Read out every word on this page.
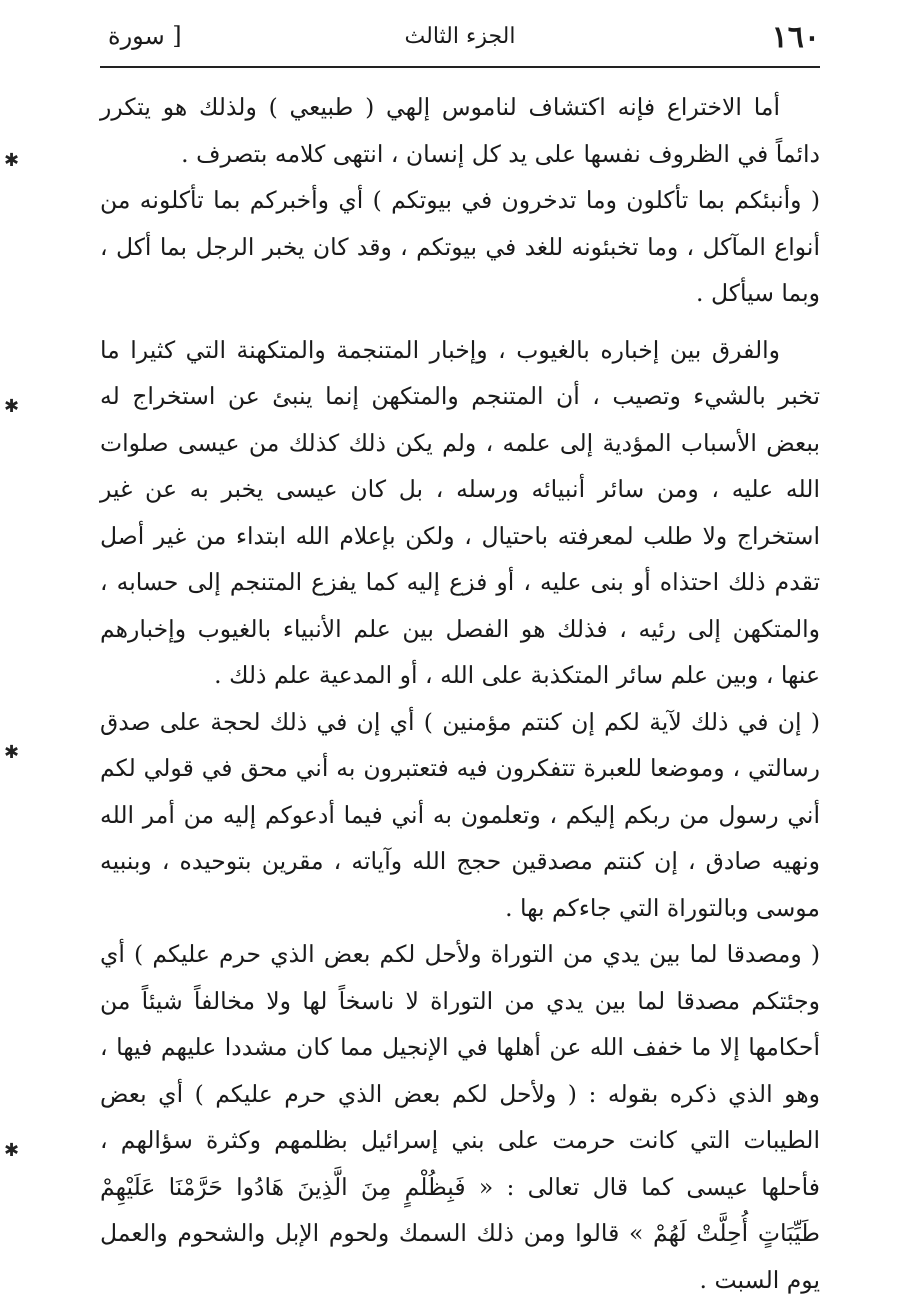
١٦٠
الجزء الثالث
[ سورة

أما الاختراع فإنه اكتشاف لناموس إلهي ( طبيعي ) ولذلك هو يتكرر دائماً في الظروف نفسها على يد كل إنسان ، انتهى كلامه بتصرف .

( وأنبئكم بما تأكلون وما تدخرون في بيوتكم ) أي وأخبركم بما تأكلونه من أنواع المآكل ، وما تخبئونه للغد في بيوتكم ، وقد كان يخبر الرجل بما أكل ، وبما سيأكل .

والفرق بين إخباره بالغيوب ، وإخبار المتنجمة والمتكهنة التي كثيرا ما تخبر بالشيء وتصيب ، أن المتنجم والمتكهن إنما ينبئ عن استخراج له ببعض الأسباب المؤدية إلى علمه ، ولم يكن ذلك كذلك من عيسى صلوات الله عليه ، ومن سائر أنبيائه ورسله ، بل كان عيسى يخبر به عن غير استخراج ولا طلب لمعرفته باحتيال ، ولكن بإعلام الله ابتداء من غير أصل تقدم ذلك احتذاه أو بنى عليه ، أو فزع إليه كما يفزع المتنجم إلى حسابه ، والمتكهن إلى رئيه ، فذلك هو الفصل بين علم الأنبياء بالغيوب وإخبارهم عنها ، وبين علم سائر المتكذبة على الله ، أو المدعية علم ذلك .

( إن في ذلك لآية لكم إن كنتم مؤمنين ) أي إن في ذلك لحجة على صدق رسالتي ، وموضعا للعبرة تتفكرون فيه فتعتبرون به أني محق في قولي لكم أني رسول من ربكم إليكم ، وتعلمون به أني فيما أدعوكم إليه من أمر الله ونهيه صادق ، إن كنتم مصدقين حجج الله وآياته ، مقرين بتوحيده ، وبنبيه موسى وبالتوراة التي جاءكم بها .

( ومصدقا لما بين يدي من التوراة ولأحل لكم بعض الذي حرم عليكم ) أي وجئتكم مصدقا لما بين يدي من التوراة لا ناسخاً لها ولا مخالفاً شيئاً من أحكامها إلا ما خفف الله عن أهلها في الإنجيل مما كان مشددا عليهم فيها ، وهو الذي ذكره بقوله : ( ولأحل لكم بعض الذي حرم عليكم ) أي بعض الطيبات التي كانت حرمت على بني إسرائيل بظلمهم وكثرة سؤالهم ، فأحلها عيسى كما قال تعالى : « فَبِظُلْمٍ مِنَ الَّذِينَ هَادُوا حَرَّمْنَا عَلَيْهِمْ طَيِّبَاتٍ أُحِلَّتْ لَهُمْ » قالوا ومن ذلك السمك ولحوم الإبل والشحوم والعمل يوم السبت .

✱
✱
✱
✱
